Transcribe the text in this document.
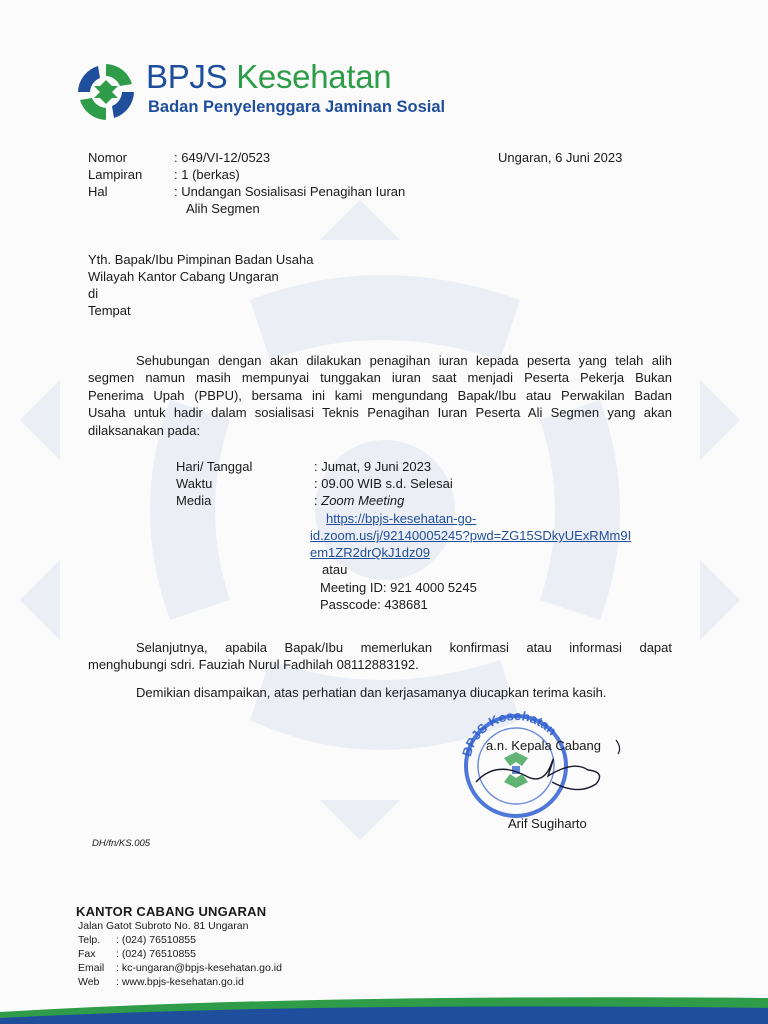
BPJS Kesehatan
Badan Penyelenggara Jaminan Sosial
Nomor	: 649/VI-12/0523
Lampiran : 1 (berkas)
Hal	: Undangan Sosialisasi Penagihan Iuran
Alih Segmen
Ungaran, 6 Juni 2023
Yth. Bapak/Ibu Pimpinan Badan Usaha
Wilayah Kantor Cabang Ungaran
di
Tempat
Sehubungan dengan akan dilakukan penagihan iuran kepada peserta yang telah alih
segmen namun masih mempunyai tunggakan iuran saat menjadi Peserta Pekerja Bukan
Penerima Upah (PBPU), bersama ini kami mengundang Bapak/Ibu atau Perwakilan Badan
Usaha untuk hadir dalam sosialisasi Teknis Penagihan Iuran Peserta Ali Segmen yang akan
dilaksanakan pada:
Hari/ Tanggal	: Jumat, 9 Juni 2023
Waktu	: 09.00 WIB s.d. Selesai
Media	: Zoom Meeting
https://bpjs-kesehatan-go-
id.zoom.us/j/92140005245?pwd=ZG15SDkyUExRMm9I
em1ZR2drQkJ1dz09
atau
Meeting ID: 921 4000 5245
Passcode: 438681
Selanjutnya, apabila Bapak/Ibu memerlukan konfirmasi atau informasi dapat
menghubungi sdri. Fauziah Nurul Fadhilah 08112883192.
Demikian disampaikan, atas perhatian dan kerjasamanya diucapkan terima kasih.
BPJS Kesehatan
a.n. Kepala Cabang
Arif Sugiharto
DH/fn/KS.005
KANTOR CABANG UNGARAN
Jalan Gatot Subroto No. 81 Ungaran
Telp. : (024) 76510855
Fax : (024) 76510855
Email : kc-ungaran@bpjs-kesehatan.go.id
Web : www.bpjs-kesehatan.go.id
